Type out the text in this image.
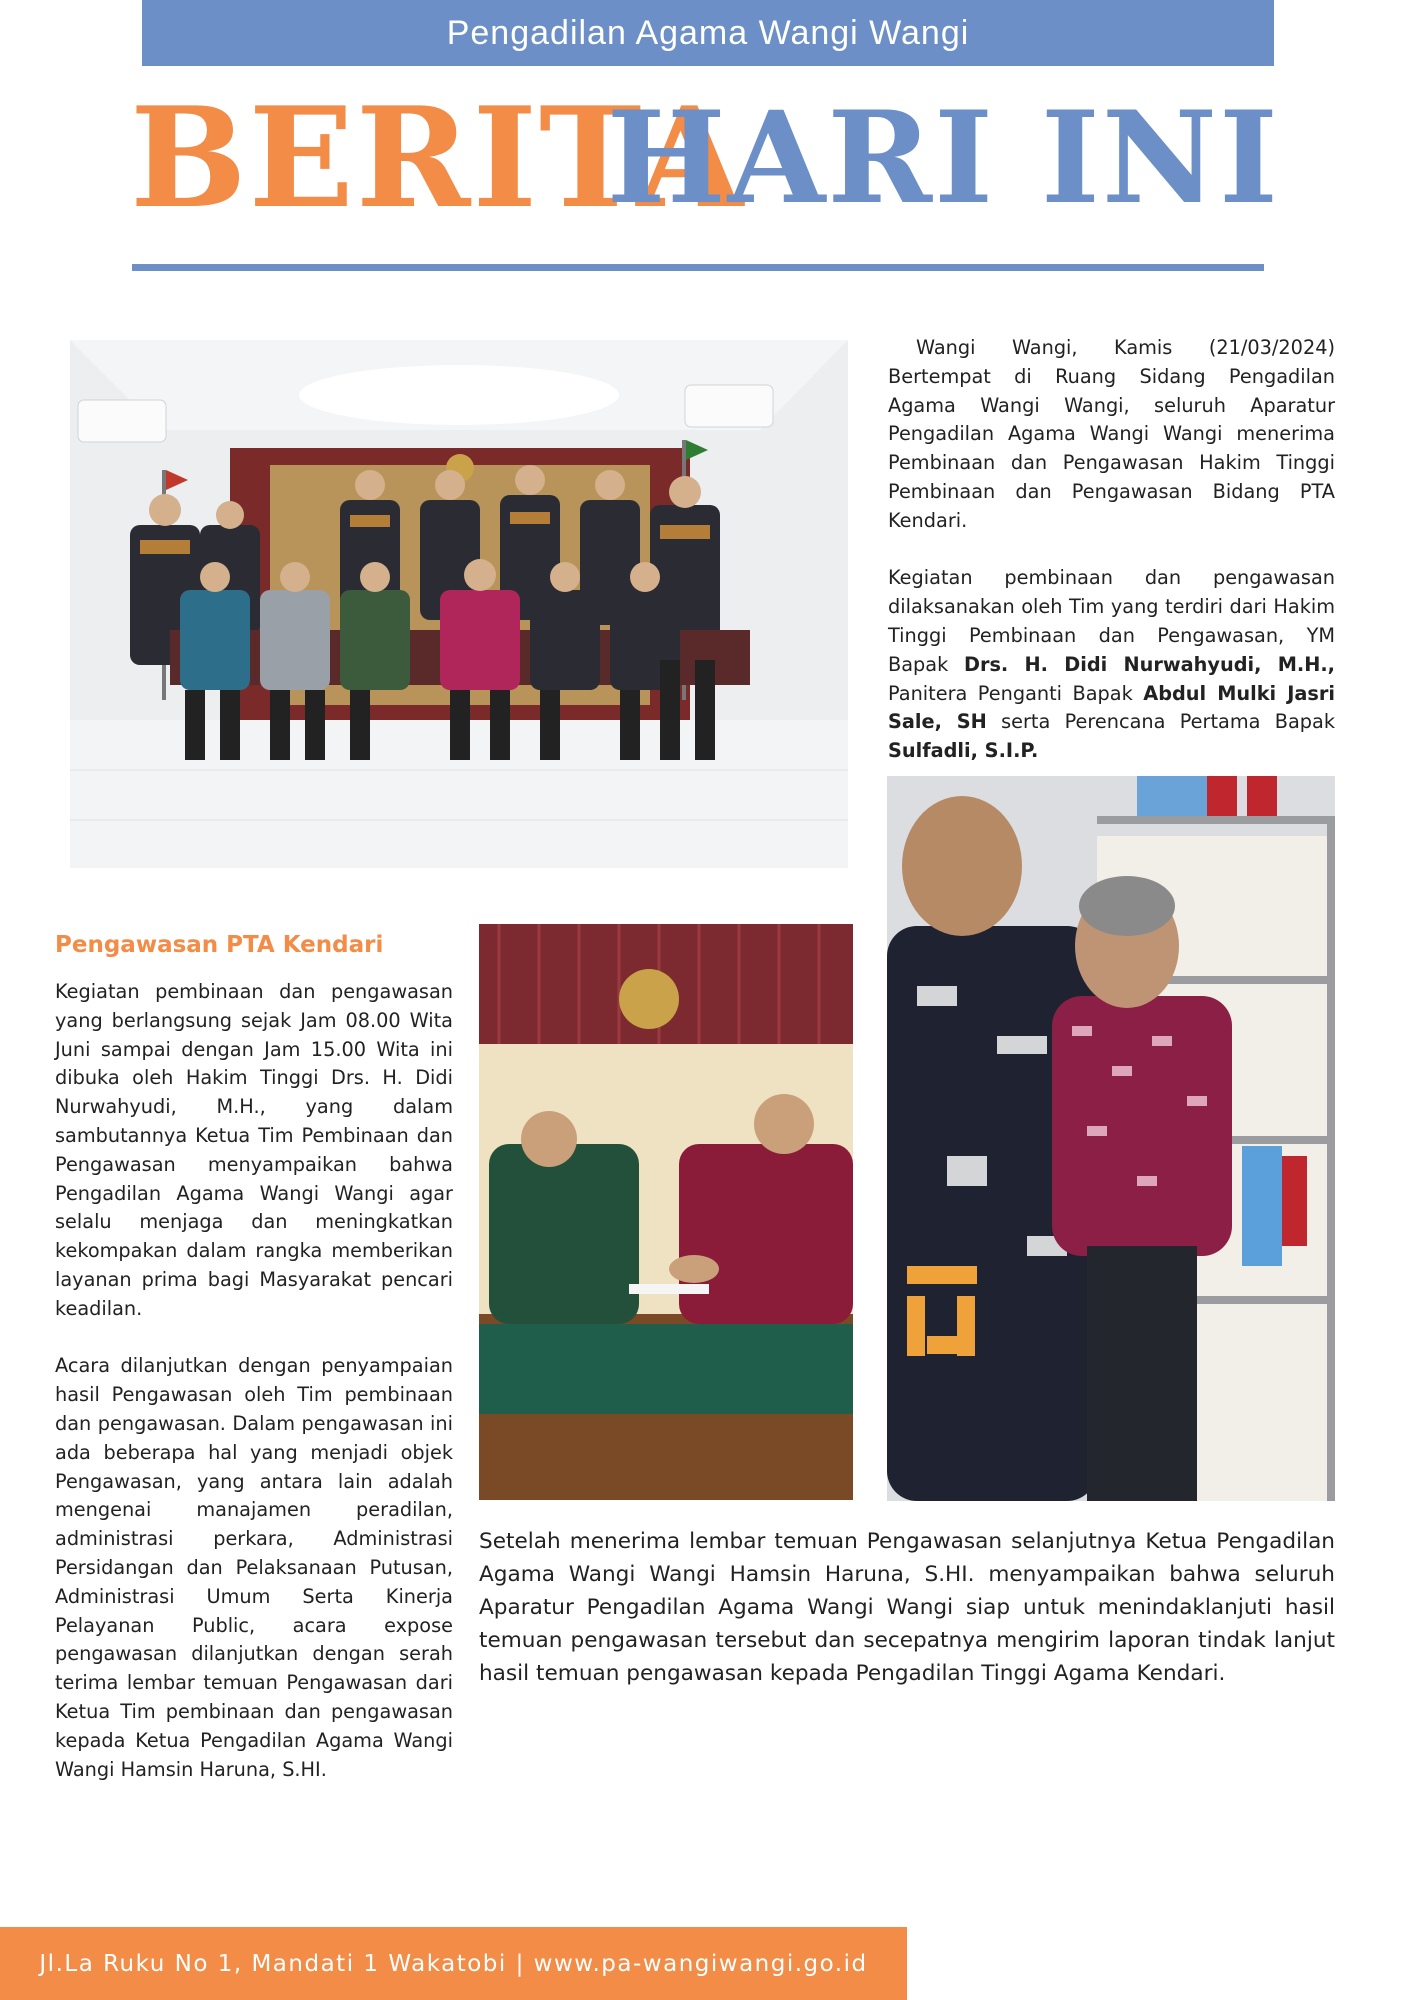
Pengadilan Agama Wangi Wangi
BERITA
HARI INI

Wangi Wangi, Kamis (21/03/2024) Bertempat di Ruang Sidang Pengadilan Agama Wangi Wangi, seluruh Aparatur Pengadilan Agama Wangi Wangi menerima Pembinaan dan Pengawasan Hakim Tinggi Pembinaan dan Pengawasan Bidang PTA Kendari.

Kegiatan pembinaan dan pengawasan dilaksanakan oleh Tim yang terdiri dari Hakim Tinggi Pembinaan dan Pengawasan, YM Bapak Drs. H. Didi Nurwahyudi, M.H., Panitera Penganti Bapak Abdul Mulki Jasri Sale, SH serta Perencana Pertama Bapak Sulfadli, S.I.P.

Pengawasan PTA Kendari

Kegiatan pembinaan dan pengawasan yang berlangsung sejak Jam 08.00 Wita Juni sampai dengan Jam 15.00 Wita ini dibuka oleh Hakim Tinggi Drs. H. Didi Nurwahyudi, M.H., yang dalam sambutannya Ketua Tim Pembinaan dan Pengawasan menyampaikan bahwa Pengadilan Agama Wangi Wangi agar selalu menjaga dan meningkatkan kekompakan dalam rangka memberikan layanan prima bagi Masyarakat pencari keadilan.

Acara dilanjutkan dengan penyampaian hasil Pengawasan oleh Tim pembinaan dan pengawasan. Dalam pengawasan ini ada beberapa hal yang menjadi objek Pengawasan, yang antara lain adalah mengenai manajamen peradilan, administrasi perkara, Administrasi Persidangan dan Pelaksanaan Putusan, Administrasi Umum Serta Kinerja Pelayanan Public, acara expose pengawasan dilanjutkan dengan serah terima lembar temuan Pengawasan dari Ketua Tim pembinaan dan pengawasan kepada Ketua Pengadilan Agama Wangi Wangi Hamsin Haruna, S.HI.

Setelah menerima lembar temuan Pengawasan selanjutnya Ketua Pengadilan Agama Wangi Wangi Hamsin Haruna, S.HI. menyampaikan bahwa seluruh Aparatur Pengadilan Agama Wangi Wangi siap untuk menindaklanjuti hasil temuan pengawasan tersebut dan secepatnya mengirim laporan tindak lanjut hasil temuan pengawasan kepada Pengadilan Tinggi Agama Kendari.
Jl.La Ruku No 1, Mandati 1 Wakatobi | www.pa-wangiwangi.go.id
